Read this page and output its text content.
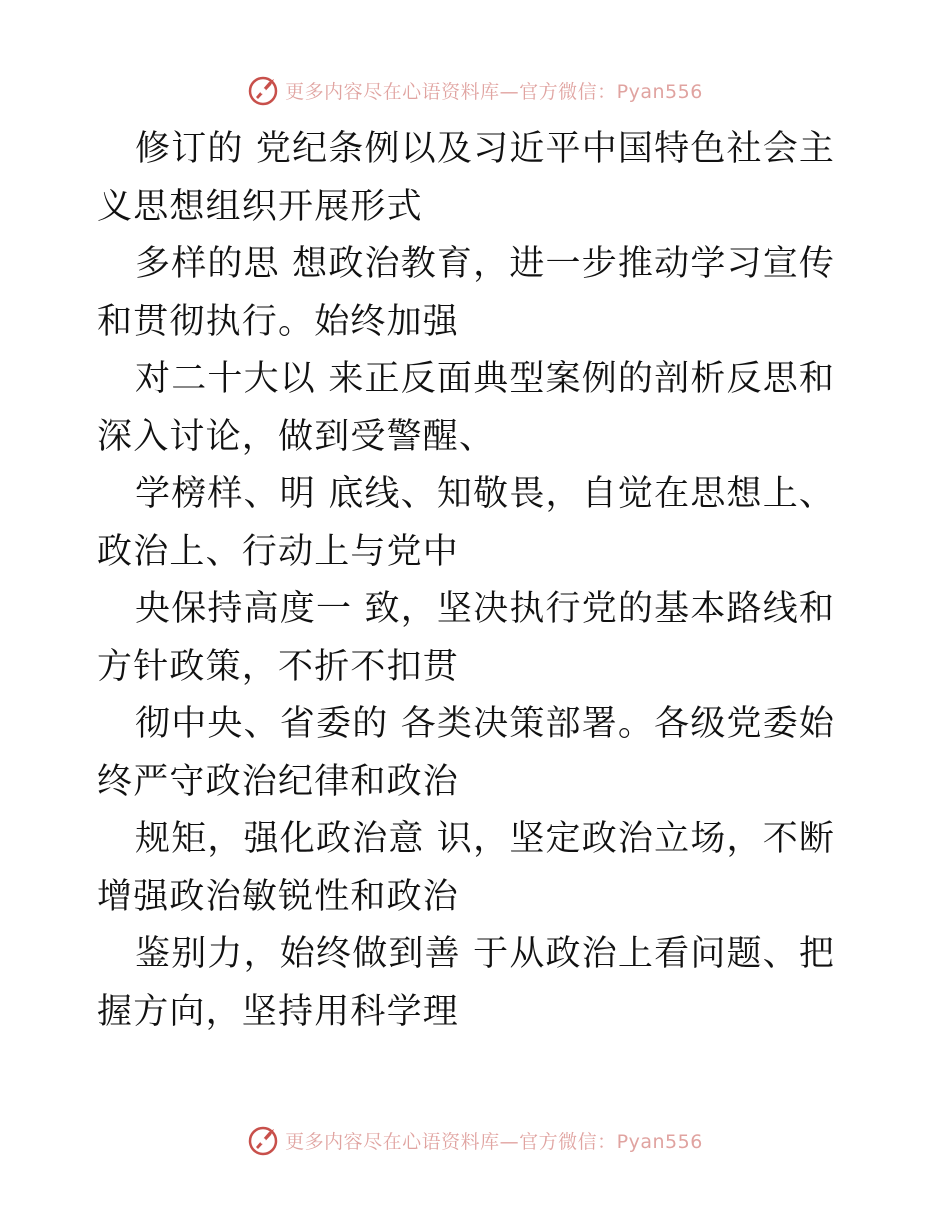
更多内容尽在心语资料库—官方微信：Pyan556

修订的 党纪条例以及习近平中国特色社会主义思想组织开展形式

多样的思 想政治教育，进一步推动学习宣传和贯彻执行。始终加强

对二十大以 来正反面典型案例的剖析反思和深入讨论，做到受警醒、

学榜样、明 底线、知敬畏，自觉在思想上、政治上、行动上与党中

央保持高度一 致，坚决执行党的基本路线和方针政策，不折不扣贯

彻中央、省委的 各类决策部署。各级党委始终严守政治纪律和政治

规矩，强化政治意 识，坚定政治立场，不断增强政治敏锐性和政治

鉴别力，始终做到善 于从政治上看问题、把握方向，坚持用科学理

更多内容尽在心语资料库—官方微信：Pyan556
